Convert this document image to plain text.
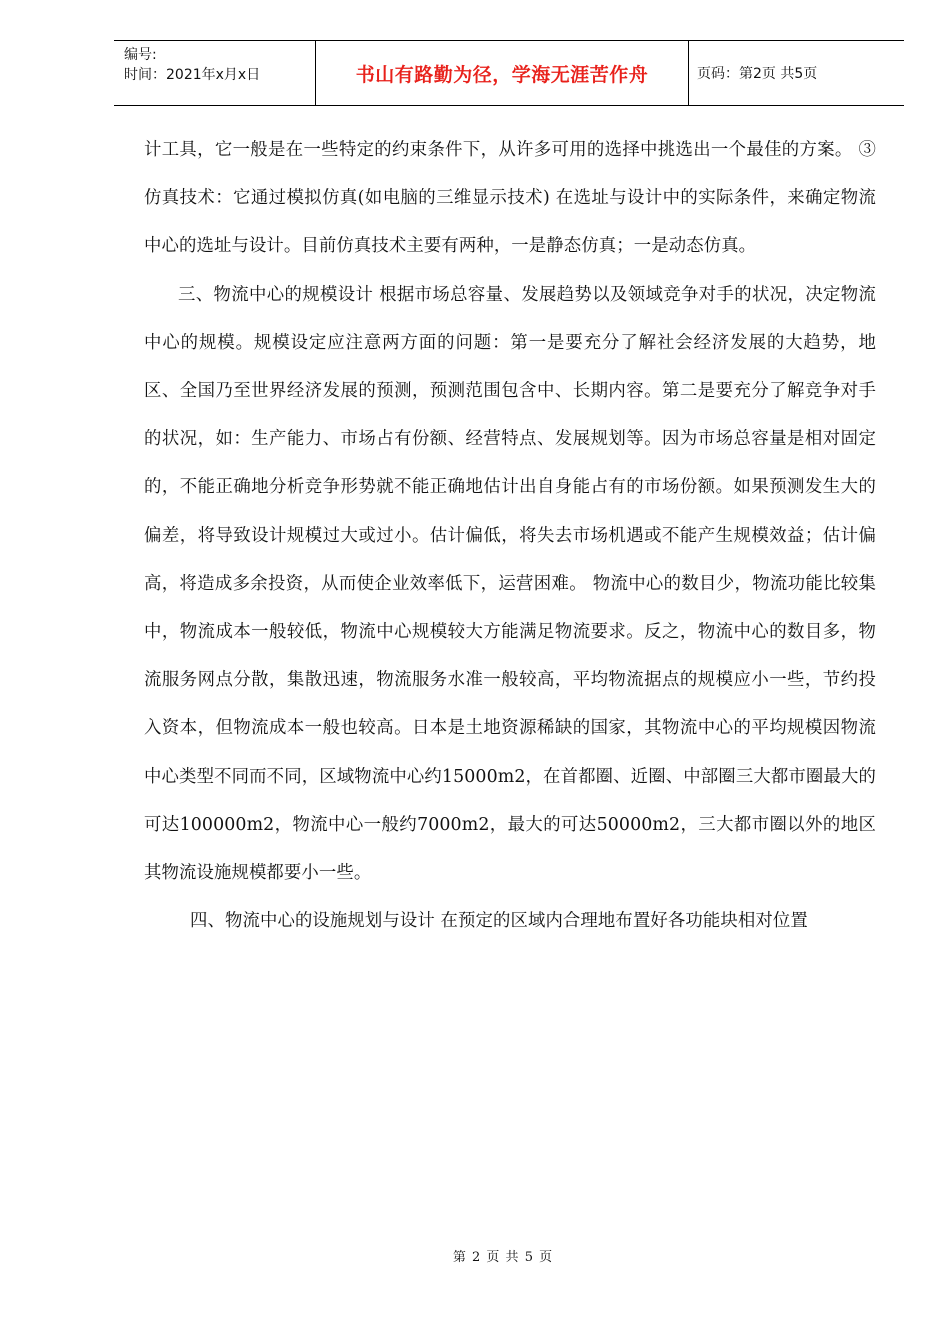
编号:
时间：2021年x月x日	书山有路勤为径，学海无涯苦作舟	页码：第2页 共5页

计工具，它一般是在一些特定的约束条件下，从许多可用的选择中挑选出一个最佳的方案。 ③仿真技术：它通过模拟仿真(如电脑的三维显示技术) 在选址与设计中的实际条件，来确定物流中心的选址与设计。目前仿真技术主要有两种，一是静态仿真；一是动态仿真。

三、物流中心的规模设计 根据市场总容量、发展趋势以及领域竞争对手的状况，决定物流中心的规模。规模设定应注意两方面的问题：第一是要充分了解社会经济发展的大趋势，地区、全国乃至世界经济发展的预测，预测范围包含中、长期内容。第二是要充分了解竞争对手的状况，如：生产能力、市场占有份额、经营特点、发展规划等。因为市场总容量是相对固定的，不能正确地分析竞争形势就不能正确地估计出自身能占有的市场份额。如果预测发生大的偏差，将导致设计规模过大或过小。估计偏低，将失去市场机遇或不能产生规模效益；估计偏高，将造成多余投资，从而使企业效率低下，运营困难。 物流中心的数目少，物流功能比较集中，物流成本一般较低，物流中心规模较大方能满足物流要求。反之，物流中心的数目多，物流服务网点分散，集散迅速，物流服务水准一般较高，平均物流据点的规模应小一些，节约投入资本，但物流成本一般也较高。日本是土地资源稀缺的国家，其物流中心的平均规模因物流中心类型不同而不同，区域物流中心约15000m2，在首都圈、近圈、中部圈三大都市圈最大的可达100000m2，物流中心一般约7000m2，最大的可达50000m2，三大都市圈以外的地区其物流设施规模都要小一些。

四、物流中心的设施规划与设计 在预定的区域内合理地布置好各功能块相对位置

第 2 页 共 5 页
